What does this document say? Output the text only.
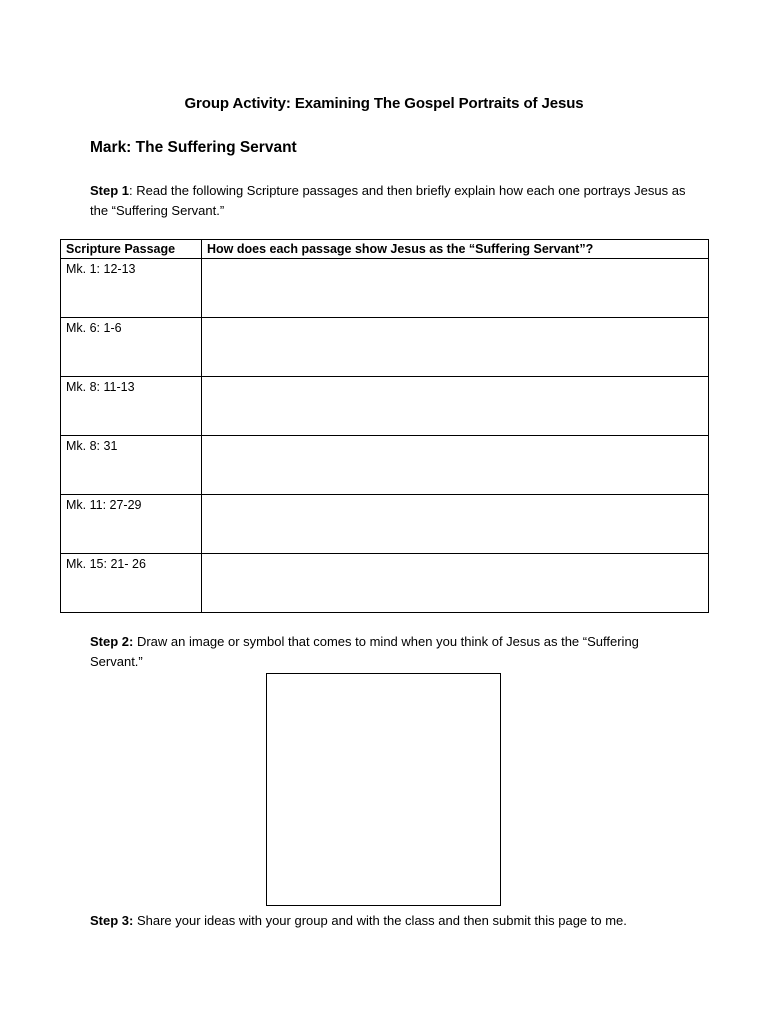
Group Activity: Examining The Gospel Portraits of Jesus
Mark: The Suffering Servant
Step 1: Read the following Scripture passages and then briefly explain how each one portrays Jesus as the “Suffering Servant.”
Scripture Passage	How does each passage show Jesus as the “Suffering Servant”?
Mk. 1: 12-13	
Mk. 6: 1-6	
Mk. 8: 11-13	
Mk. 8: 31	
Mk. 11: 27-29	
Mk. 15: 21- 26	
Step 2: Draw an image or symbol that comes to mind when you think of Jesus as the “Suffering Servant.”
Step 3: Share your ideas with your group and with the class and then submit this page to me.
